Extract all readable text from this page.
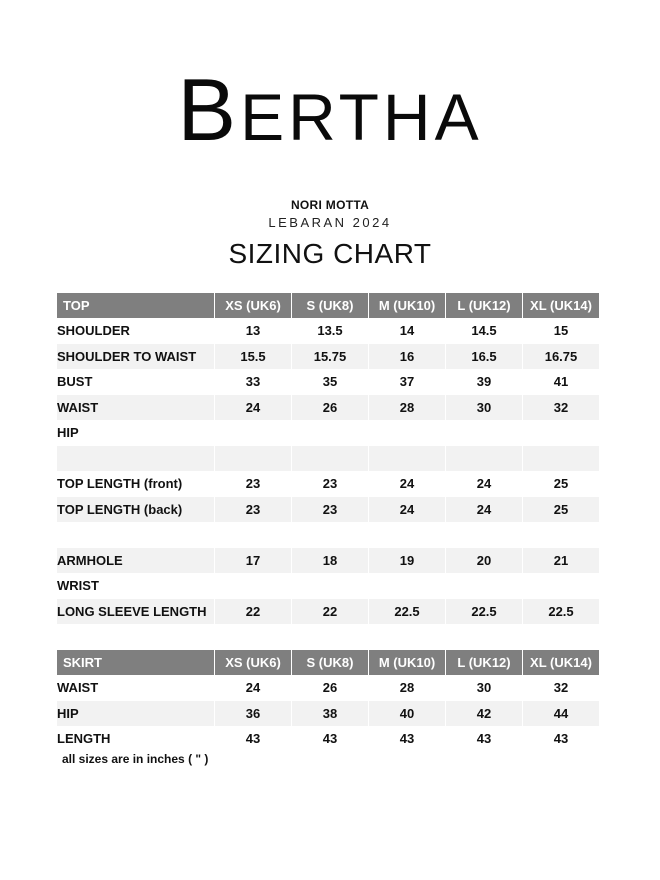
BERTHA
NORI MOTTA
LEBARAN 2024
SIZING CHART
TOP	XS (UK6)	S (UK8)	M (UK10)	L (UK12)	XL (UK14)
SHOULDER	13	13.5	14	14.5	15
SHOULDER TO WAIST	15.5	15.75	16	16.5	16.75
BUST	33	35	37	39	41
WAIST	24	26	28	30	32
HIP					

TOP LENGTH (front)	23	23	24	24	25
TOP LENGTH (back)	23	23	24	24	25

ARMHOLE	17	18	19	20	21
WRIST					
LONG SLEEVE LENGTH	22	22	22.5	22.5	22.5

SKIRT	XS (UK6)	S (UK8)	M (UK10)	L (UK12)	XL (UK14)
WAIST	24	26	28	30	32
HIP	36	38	40	42	44
LENGTH	43	43	43	43	43
all sizes are in inches ( " )
